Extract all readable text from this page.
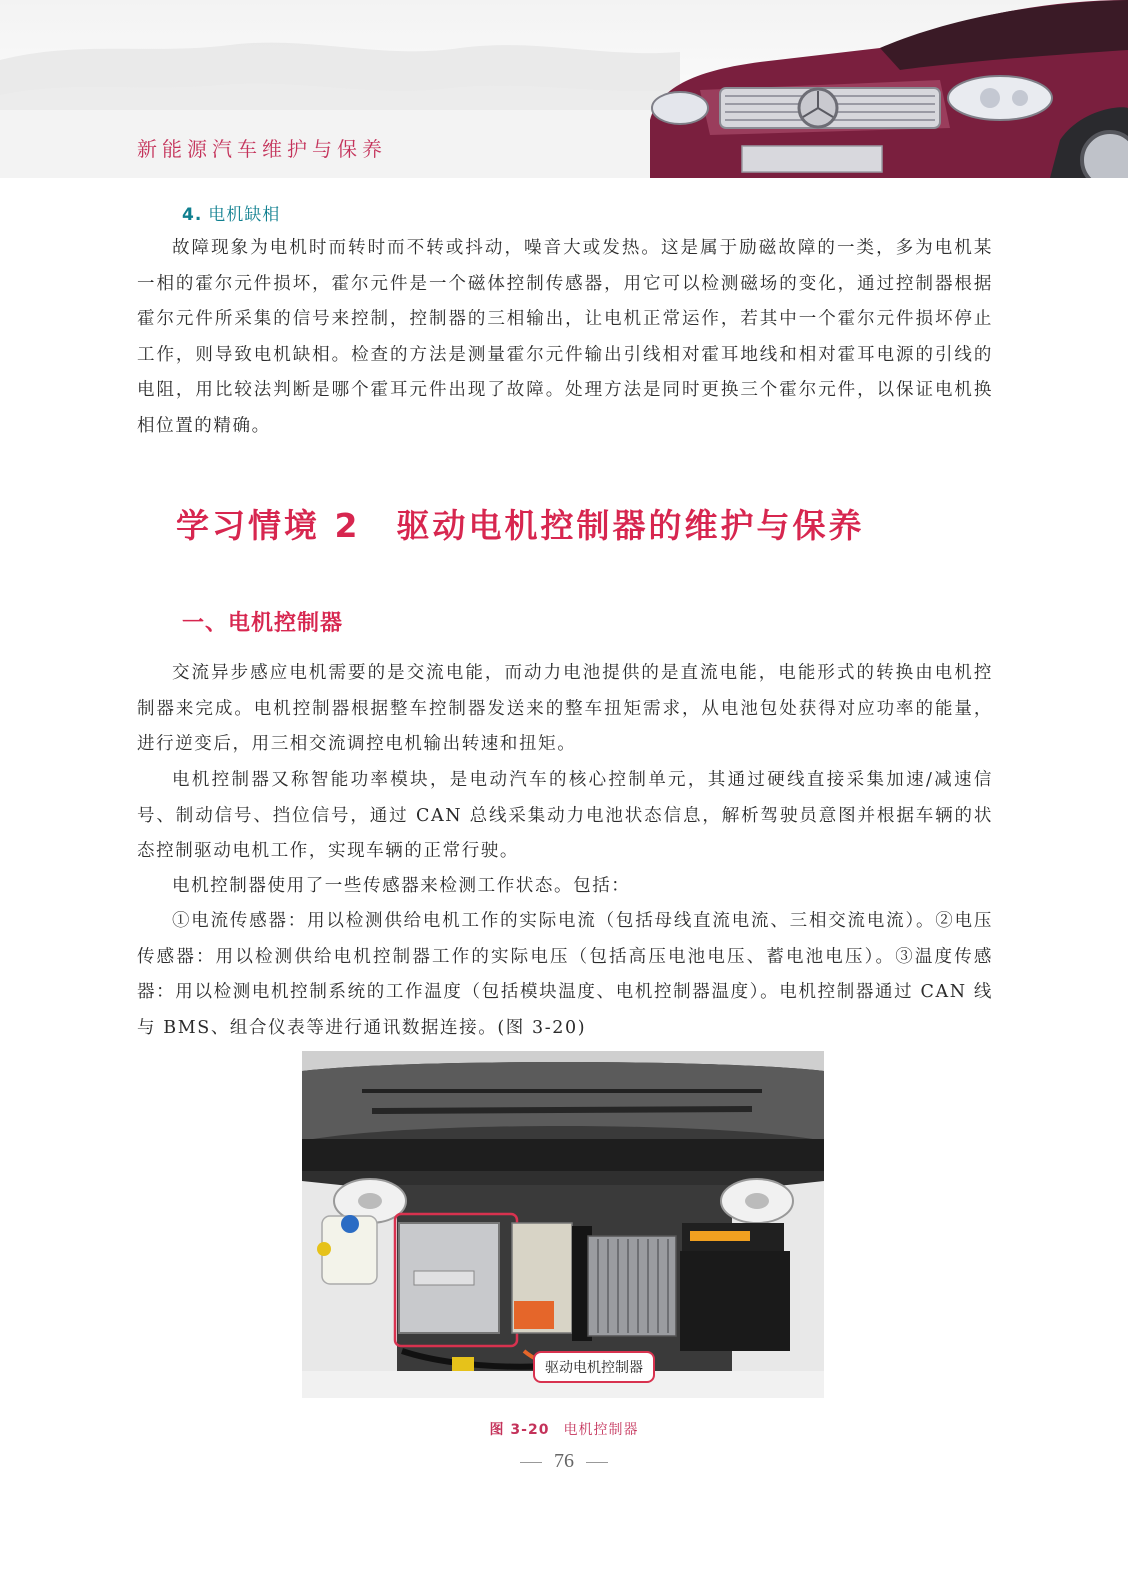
新能源汽车维护与保养
4. 电机缺相

故障现象为电机时而转时而不转或抖动，噪音大或发热。这是属于励磁故障的一类，多为电机某一相的霍尔元件损坏，霍尔元件是一个磁体控制传感器，用它可以检测磁场的变化，通过控制器根据霍尔元件所采集的信号来控制，控制器的三相输出，让电机正常运作，若其中一个霍尔元件损坏停止工作，则导致电机缺相。检查的方法是测量霍尔元件输出引线相对霍耳地线和相对霍耳电源的引线的电阻，用比较法判断是哪个霍耳元件出现了故障。处理方法是同时更换三个霍尔元件，以保证电机换相位置的精确。

学习情境 2 驱动电机控制器的维护与保养
一、电机控制器

交流异步感应电机需要的是交流电能，而动力电池提供的是直流电能，电能形式的转换由电机控制器来完成。电机控制器根据整车控制器发送来的整车扭矩需求，从电池包处获得对应功率的能量，进行逆变后，用三相交流调控电机输出转速和扭矩。

电机控制器又称智能功率模块，是电动汽车的核心控制单元，其通过硬线直接采集加速/减速信号、制动信号、挡位信号，通过 CAN 总线采集动力电池状态信息，解析驾驶员意图并根据车辆的状态控制驱动电机工作，实现车辆的正常行驶。

电机控制器使用了一些传感器来检测工作状态。包括：

①电流传感器：用以检测供给电机工作的实际电流（包括母线直流电流、三相交流电流）。②电压传感器：用以检测供给电机控制器工作的实际电压（包括高压电池电压、蓄电池电压）。③温度传感器：用以检测电机控制系统的工作温度（包括模块温度、电机控制器温度）。电机控制器通过 CAN 线与 BMS、组合仪表等进行通讯数据连接。(图 3-20)

驱动电机控制器
图 3-20 电机控制器
76
